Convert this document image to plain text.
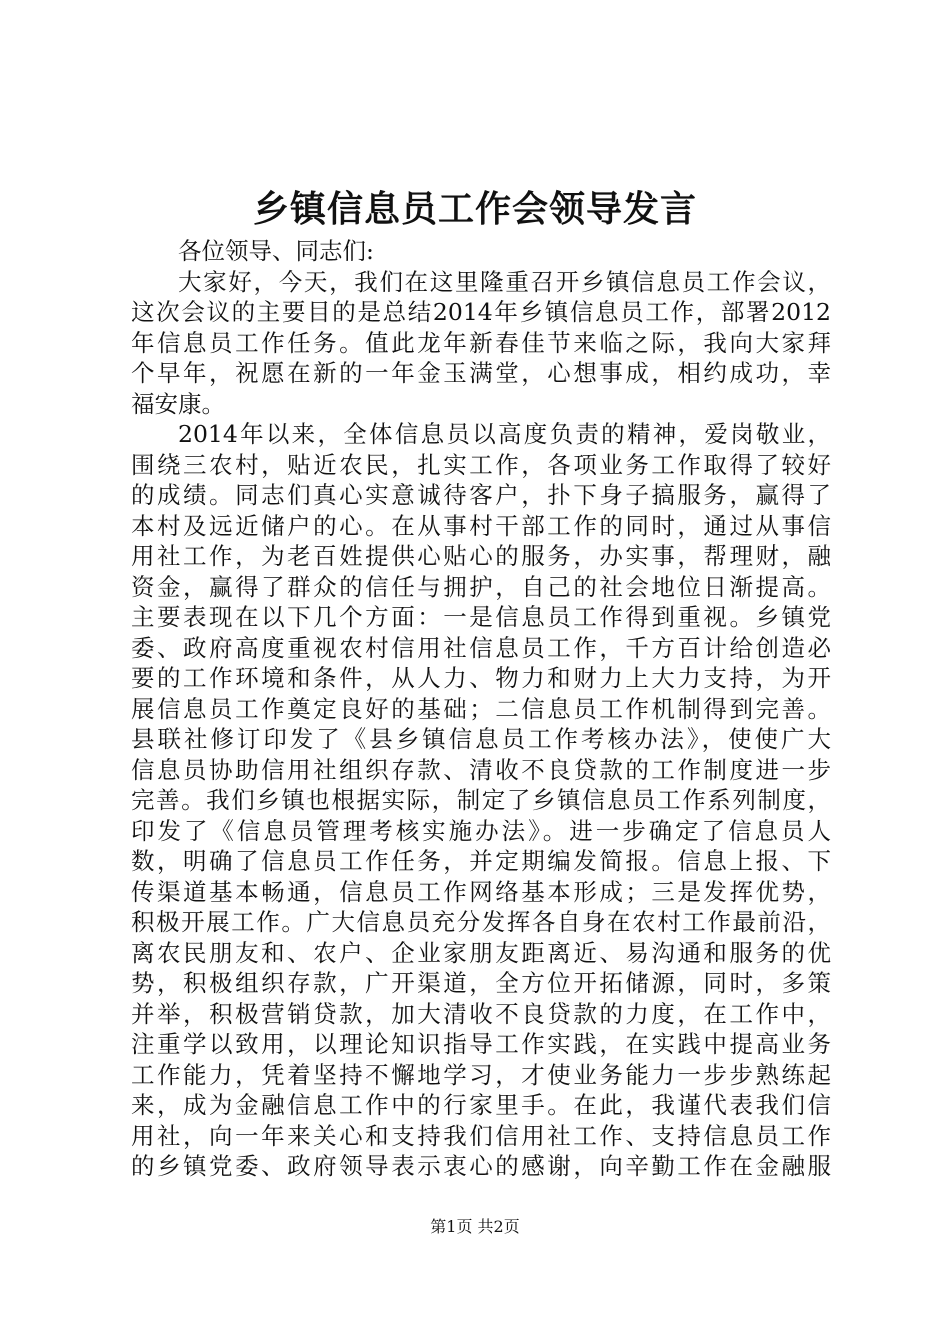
乡镇信息员工作会领导发言
各位领导、同志们:
大家好，今天，我们在这里隆重召开乡镇信息员工作会议，
这次会议的主要目的是总结2014年乡镇信息员工作，部署2012
年信息员工作任务。值此龙年新春佳节来临之际，我向大家拜
个早年，祝愿在新的一年金玉满堂，心想事成，相约成功，幸
福安康。
2014年以来，全体信息员以高度负责的精神，爱岗敬业，
围绕三农村，贴近农民，扎实工作，各项业务工作取得了较好
的成绩。同志们真心实意诚待客户，扑下身子搞服务，赢得了
本村及远近储户的心。在从事村干部工作的同时，通过从事信
用社工作，为老百姓提供心贴心的服务，办实事，帮理财，融
资金，赢得了群众的信任与拥护，自己的社会地位日渐提高。
主要表现在以下几个方面：一是信息员工作得到重视。乡镇党
委、政府高度重视农村信用社信息员工作，千方百计给创造必
要的工作环境和条件，从人力、物力和财力上大力支持，为开
展信息员工作奠定良好的基础；二信息员工作机制得到完善。
县联社修订印发了《县乡镇信息员工作考核办法》，使使广大
信息员协助信用社组织存款、清收不良贷款的工作制度进一步
完善。我们乡镇也根据实际，制定了乡镇信息员工作系列制度，
印发了《信息员管理考核实施办法》。进一步确定了信息员人
数，明确了信息员工作任务，并定期编发简报。信息上报、下
传渠道基本畅通，信息员工作网络基本形成；三是发挥优势，
积极开展工作。广大信息员充分发挥各自身在农村工作最前沿，
离农民朋友和、农户、企业家朋友距离近、易沟通和服务的优
势，积极组织存款，广开渠道，全方位开拓储源，同时，多策
并举，积极营销贷款，加大清收不良贷款的力度，在工作中，
注重学以致用，以理论知识指导工作实践，在实践中提高业务
工作能力，凭着坚持不懈地学习，才使业务能力一步步熟练起
来，成为金融信息工作中的行家里手。在此，我谨代表我们信
用社，向一年来关心和支持我们信用社工作、支持信息员工作
的乡镇党委、政府领导表示衷心的感谢，向辛勤工作在金融服
第1页 共2页
